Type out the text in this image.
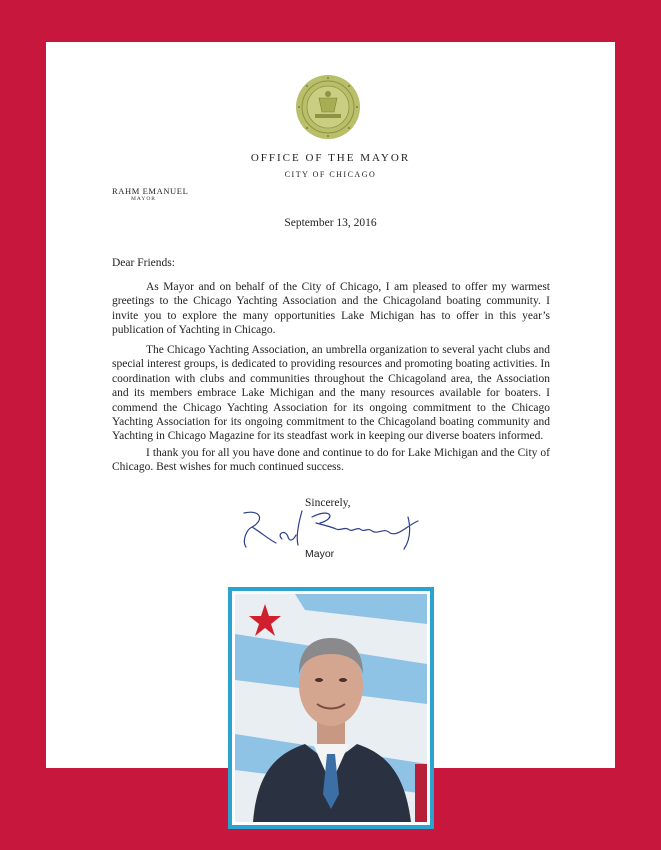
OFFICE OF THE MAYOR
CITY OF CHICAGO
RAHM EMANUEL
MAYOR
September 13, 2016
Dear Friends:

As Mayor and on behalf of the City of Chicago, I am pleased to offer my warmest greetings to the Chicago Yachting Association and the Chicagoland boating community. I invite you to explore the many opportunities Lake Michigan has to offer in this year’s publication of Yachting in Chicago.

The Chicago Yachting Association, an umbrella organization to several yacht clubs and special interest groups, is dedicated to providing resources and promoting boating activities. In coordination with clubs and communities throughout the Chicagoland area, the Association and its members embrace Lake Michigan and the many resources available for boaters. I commend the Chicago Yachting Association for its ongoing commitment to the Chicago Yachting Association for its ongoing commitment to the Chicagoland boating community and Yachting in Chicago Magazine for its steadfast work in keeping our diverse boaters informed.

I thank you for all you have done and continue to do for Lake Michigan and the City of Chicago. Best wishes for much continued success.

Sincerely,
Mayor
